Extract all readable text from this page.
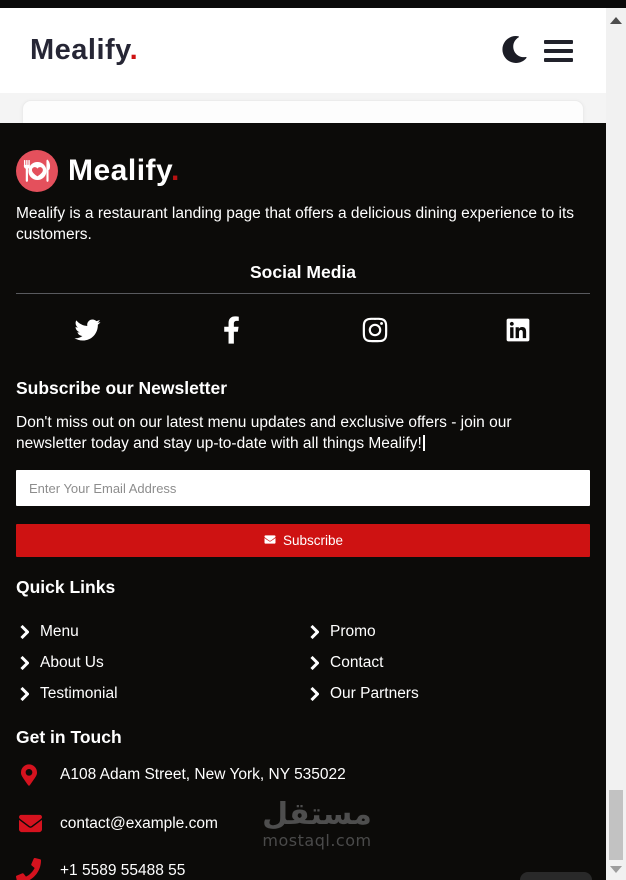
Mealify.
Mealify.

Mealify is a restaurant landing page that offers a delicious dining experience to its customers.

Social Media
Subscribe our Newsletter

Don't miss out on our latest menu updates and exclusive offers - join our newsletter today and stay up-to-date with all things Mealify!

Enter Your Email Address
Subscribe
Quick Links
Menu	Promo
About Us	Contact
Testimonial	Our Partners
Get in Touch
A108 Adam Street, New York, NY 535022
contact@example.com
+1 5589 55488 55
مستقل
mostaql.com
